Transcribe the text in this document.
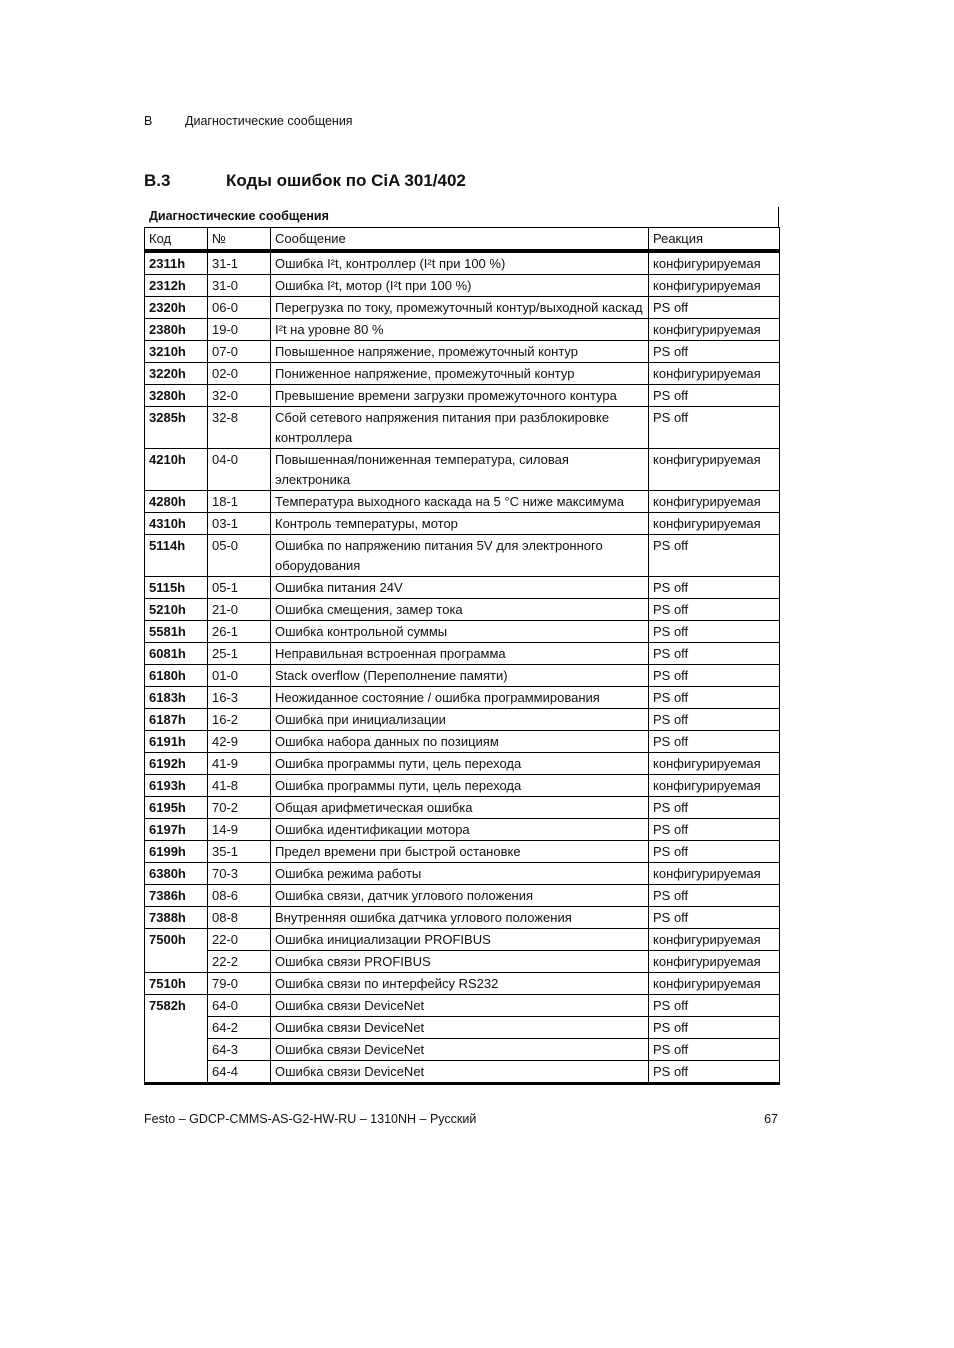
B	Диагностические сообщения
B.3	Коды ошибок по CiA 301/402
Диагностические сообщения
Код	№	Сообщение	Реакция
2311h	31-1	Ошибка I²t, контроллер (I²t при 100 %)	конфигурируемая
2312h	31-0	Ошибка I²t, мотор (I²t при 100 %)	конфигурируемая
2320h	06-0	Перегрузка по току, промежуточный контур/выходной каскад	PS off
2380h	19-0	I²t на уровне 80 %	конфигурируемая
3210h	07-0	Повышенное напряжение, промежуточный контур	PS off
3220h	02-0	Пониженное напряжение, промежуточный контур	конфигурируемая
3280h	32-0	Превышение времени загрузки промежуточного контура	PS off
3285h	32-8	Сбой сетевого напряжения питания при разблокировке контроллера	PS off
4210h	04-0	Повышенная/пониженная температура, силовая электроника	конфигурируемая
4280h	18-1	Температура выходного каскада на 5 °C ниже максимума	конфигурируемая
4310h	03-1	Контроль температуры, мотор	конфигурируемая
5114h	05-0	Ошибка по напряжению питания 5V для электронного оборудования	PS off
5115h	05-1	Ошибка питания 24V	PS off
5210h	21-0	Ошибка смещения, замер тока	PS off
5581h	26-1	Ошибка контрольной суммы	PS off
6081h	25-1	Неправильная встроенная программа	PS off
6180h	01-0	Stack overflow (Переполнение памяти)	PS off
6183h	16-3	Неожиданное состояние / ошибка программирования	PS off
6187h	16-2	Ошибка при инициализации	PS off
6191h	42-9	Ошибка набора данных по позициям	PS off
6192h	41-9	Ошибка программы пути, цель перехода	конфигурируемая
6193h	41-8	Ошибка программы пути, цель перехода	конфигурируемая
6195h	70-2	Общая арифметическая ошибка	PS off
6197h	14-9	Ошибка идентификации мотора	PS off
6199h	35-1	Предел времени при быстрой остановке	PS off
6380h	70-3	Ошибка режима работы	конфигурируемая
7386h	08-6	Ошибка связи, датчик углового положения	PS off
7388h	08-8	Внутренняя ошибка датчика углового положения	PS off
7500h	22-0	Ошибка инициализации PROFIBUS	конфигурируемая
	22-2	Ошибка связи PROFIBUS	конфигурируемая
7510h	79-0	Ошибка связи по интерфейсу RS232	конфигурируемая
7582h	64-0	Ошибка связи DeviceNet	PS off
	64-2	Ошибка связи DeviceNet	PS off
	64-3	Ошибка связи DeviceNet	PS off
	64-4	Ошибка связи DeviceNet	PS off
Festo – GDCP-CMMS-AS-G2-HW-RU – 1310NH – Русский	67
